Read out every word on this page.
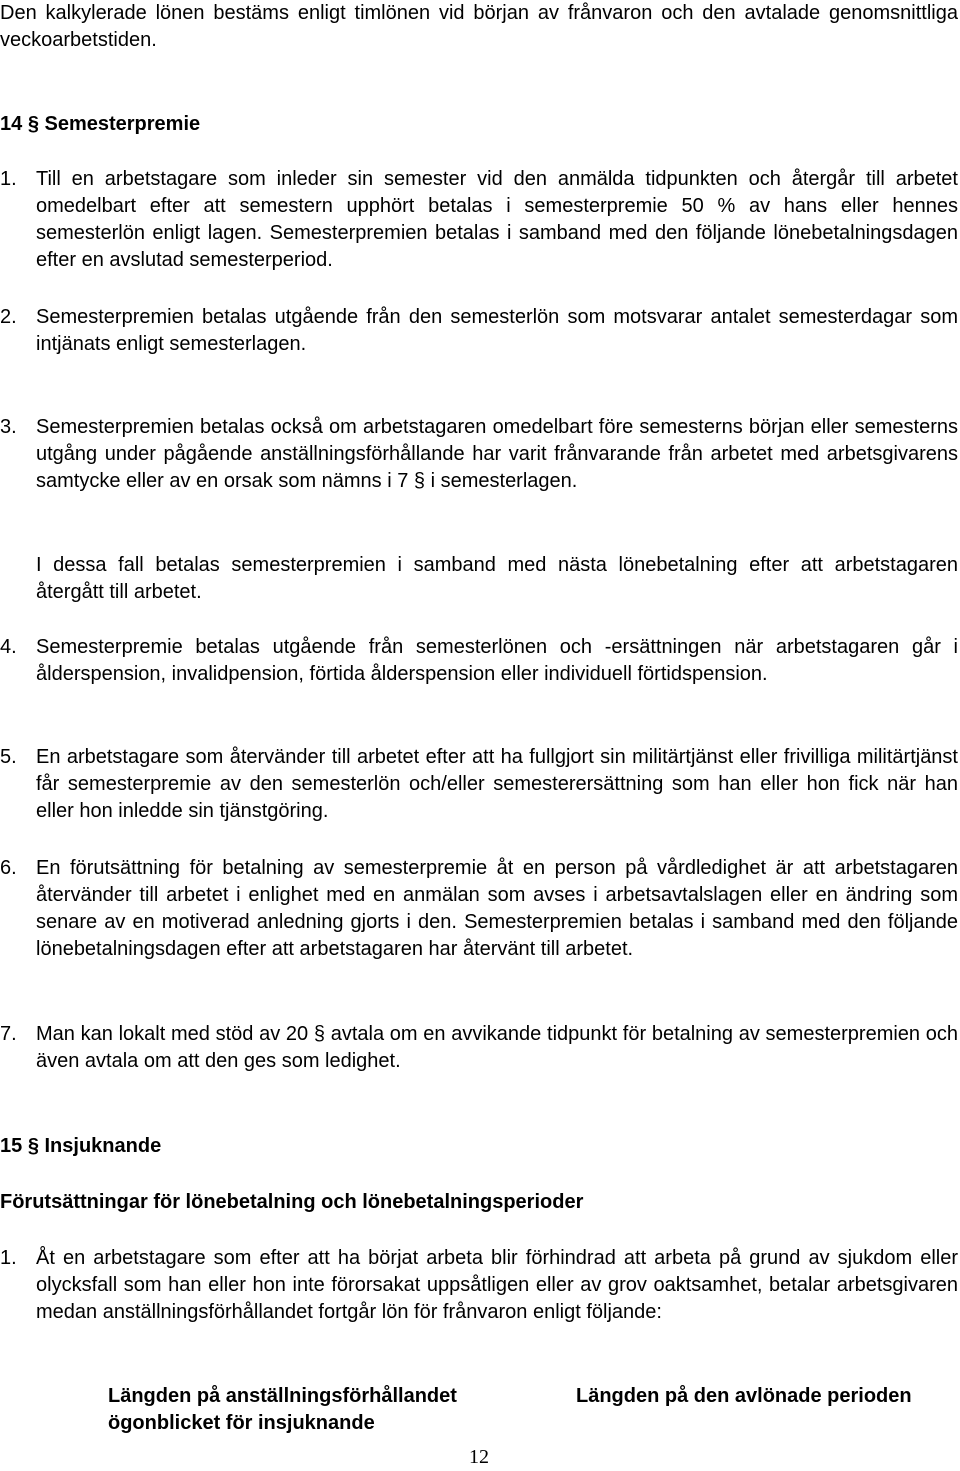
Den kalkylerade lönen bestäms enligt timlönen vid början av frånvaron och den avtalade genomsnittliga veckoarbetstiden.

14 § Semesterpremie
1. Till en arbetstagare som inleder sin semester vid den anmälda tidpunkten och återgår till arbetet omedelbart efter att semestern upphört betalas i semesterpremie 50 % av hans eller hennes semesterlön enligt lagen. Semesterpremien betalas i samband med den följande lönebetalningsdagen efter en avslutad semesterperiod.
2. Semesterpremien betalas utgående från den semesterlön som motsvarar antalet semesterdagar som intjänats enligt semesterlagen.
3. Semesterpremien betalas också om arbetstagaren omedelbart före semesterns början eller semesterns utgång under pågående anställningsförhållande har varit frånvarande från arbetet med arbetsgivarens samtycke eller av en orsak som nämns i 7 § i semesterlagen.
I dessa fall betalas semesterpremien i samband med nästa lönebetalning efter att arbetstagaren återgått till arbetet.
4. Semesterpremie betalas utgående från semesterlönen och -ersättningen när arbetstagaren går i ålderspension, invalidpension, förtida ålderspension eller individuell förtidspension.
5. En arbetstagare som återvänder till arbetet efter att ha fullgjort sin militärtjänst eller frivilliga militärtjänst får semesterpremie av den semesterlön och/eller semesterersättning som han eller hon fick när han eller hon inledde sin tjänstgöring.
6. En förutsättning för betalning av semesterpremie åt en person på vårdledighet är att arbetstagaren återvänder till arbetet i enlighet med en anmälan som avses i arbetsavtalslagen eller en ändring som senare av en motiverad anledning gjorts i den. Semesterpremien betalas i samband med den följande lönebetalningsdagen efter att arbetstagaren har återvänt till arbetet.
7. Man kan lokalt med stöd av 20 § avtala om en avvikande tidpunkt för betalning av semesterpremien och även avtala om att den ges som ledighet.
15 § Insjuknande
Förutsättningar för lönebetalning och lönebetalningsperioder
1. Åt en arbetstagare som efter att ha börjat arbeta blir förhindrad att arbeta på grund av sjukdom eller olycksfall som han eller hon inte förorsakat uppsåtligen eller av grov oaktsamhet, betalar arbetsgivaren medan anställningsförhållandet fortgår lön för frånvaron enligt följande:
Längden på anställningsförhållandet ögonblicket för insjuknande
Längden på den avlönade perioden
12
